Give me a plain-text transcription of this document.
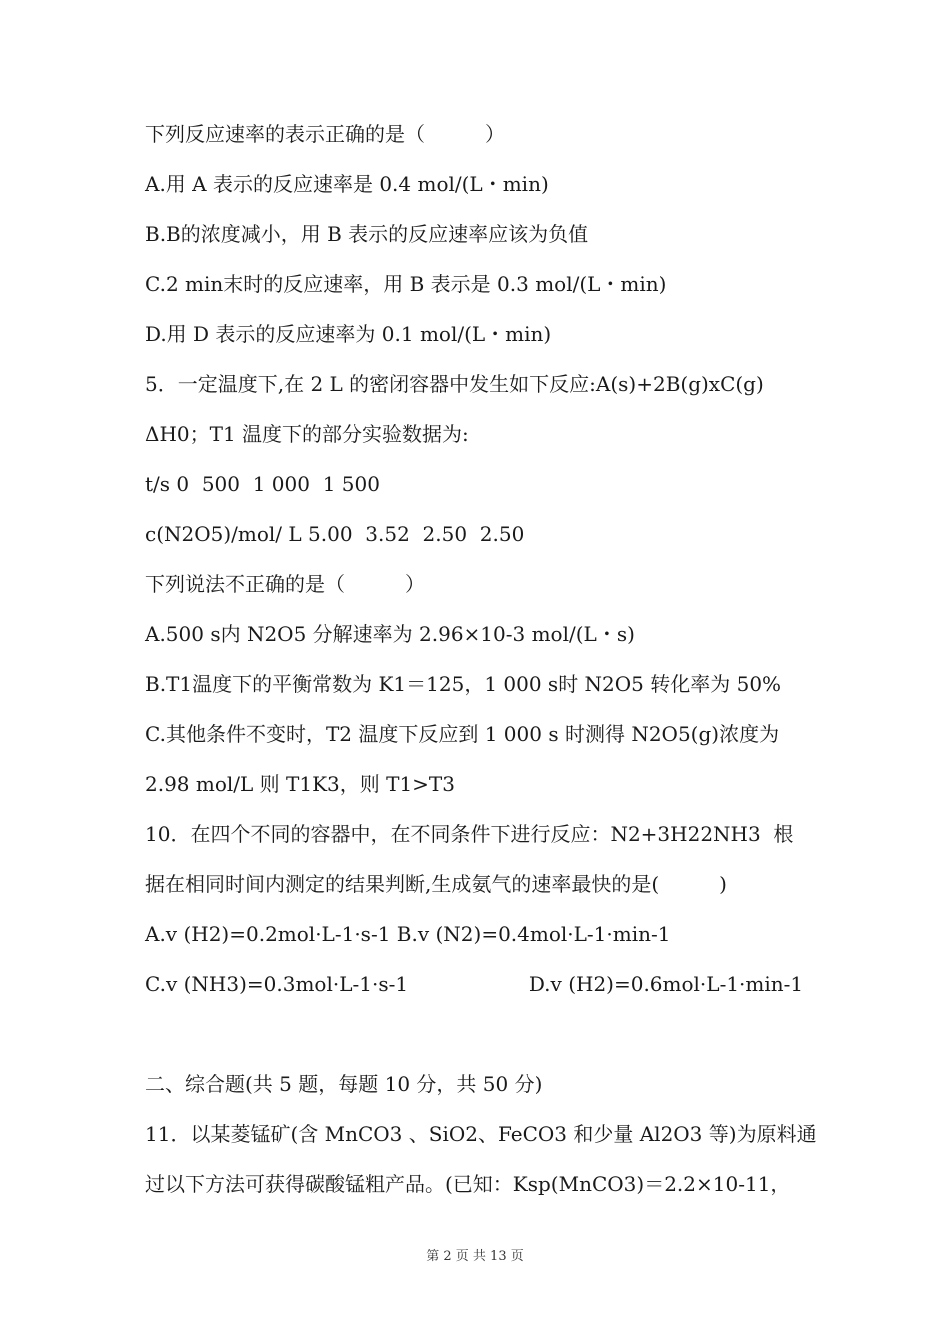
下列反应速率的表示正确的是（　　　）
A.用 A 表示的反应速率是 0.4 mol/(L・min)
B.B的浓度减小，用 B 表示的反应速率应该为负值
C.2 min末时的反应速率，用 B 表示是 0.3 mol/(L・min)
D.用 D 表示的反应速率为 0.1 mol/(L・min)
5．一定温度下,在 2 L 的密闭容器中发生如下反应:A(s)+2B(g)xC(g)
ΔH0；T1 温度下的部分实验数据为:
t/s 0  500  1 000  1 500
c(N2O5)/mol/ L 5.00  3.52  2.50  2.50
下列说法不正确的是（　　　）
A.500 s内 N2O5 分解速率为 2.96×10-3 mol/(L・s)
B.T1温度下的平衡常数为 K1＝125，1 000 s时 N2O5 转化率为 50%
C.其他条件不变时，T2 温度下反应到 1 000 s 时测得 N2O5(g)浓度为
2.98 mol/L 则 T1K3，则 T1>T3
10．在四个不同的容器中，在不同条件下进行反应：N2+3H22NH3  根
据在相同时间内测定的结果判断,生成氨气的速率最快的是(　　　)
A.v (H2)=0.2mol·L-1·s-1 B.v (N2)=0.4mol·L-1·min-1
C.v (NH3)=0.3mol·L-1·s-1                   D.v (H2)=0.6mol·L-1·min-1
二、综合题(共 5 题，每题 10 分，共 50 分)
11．以某菱锰矿(含 MnCO3 、SiO2、FeCO3 和少量 Al2O3 等)为原料通
过以下方法可获得碳酸锰粗产品。(已知：Ksp(MnCO3)＝2.2×10-11，
第 2 页 共 13 页
